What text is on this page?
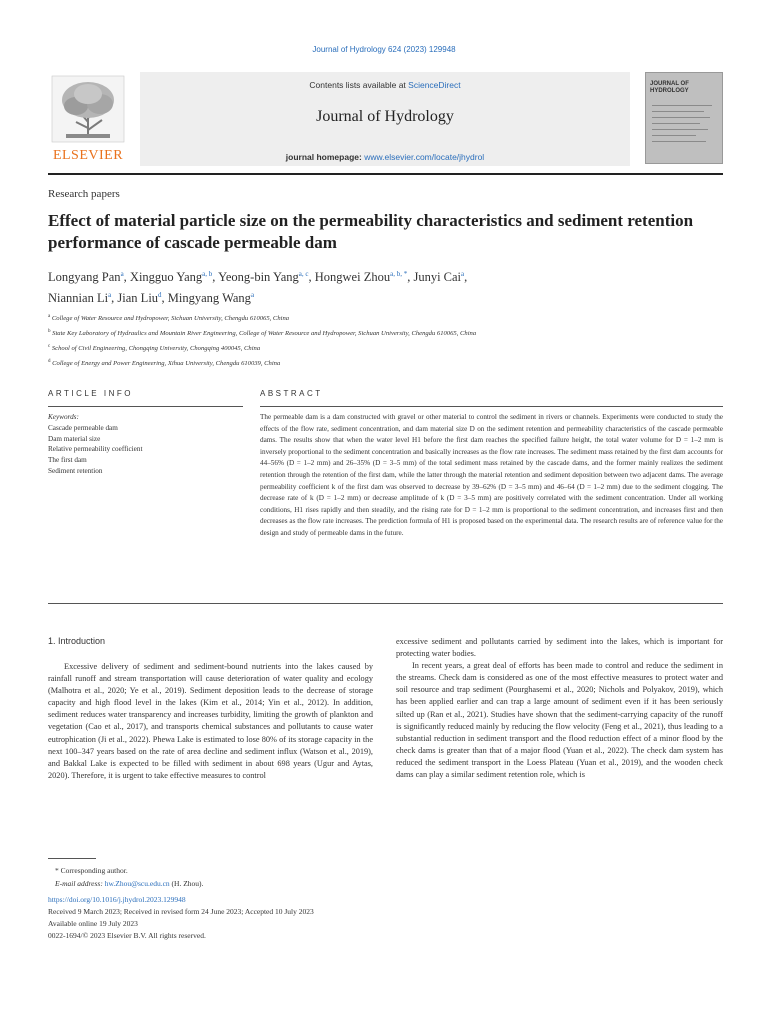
Journal of Hydrology 624 (2023) 129948
ELSEVIER
Contents lists available at ScienceDirect
Journal of Hydrology
journal homepage: www.elsevier.com/locate/jhydrol
JOURNAL OF HYDROLOGY
Research papers
Effect of material particle size on the permeability characteristics and sediment retention performance of cascade permeable dam
Longyang Pan$^a$, Xingguo Yang$^{a, b}$, Yeong-bin Yang$^{a, c}$, Hongwei Zhou$^{a, b, *}$, Junyi Cai$^a$,
Niannian Li$^a$, Jian Liu$^d$, Mingyang Wang$^a$
$^a$ College of Water Resource and Hydropower, Sichuan University, Chengdu 610065, China
$^b$ State Key Laboratory of Hydraulics and Mountain River Engineering, College of Water Resource and Hydropower, Sichuan University, Chengdu 610065, China
$^c$ School of Civil Engineering, Chongqing University, Chongqing 400045, China
$^d$ College of Energy and Power Engineering, Xihua University, Chengdu 610039, China
ARTICLE INFO	ABSTRACT
Keywords:
Cascade permeable dam
Dam material size
Relative permeability coefficient
The first dam
Sediment retention
The permeable dam is a dam constructed with gravel or other material to control the sediment in rivers or channels. Experiments were conducted to study the effects of the flow rate, sediment concentration, and dam material size D on the sediment retention and permeability characteristics of the cascade permeable dams. The results show that when the water level H1 before the first dam reaches the specified failure height, the total water volume for D = 1–2 mm is inversely proportional to the sediment concentration and basically increases as the flow rate increases. The sediment mass retained by the first dam accounts for 44–56% (D = 1–2 mm) and 26–35% (D = 3–5 mm) of the total sediment mass retained by the cascade dams, and the former mainly realizes the sediment retention through the retention of the first dam, while the latter through the material retention and sediment deposition between two adjacent dams. The average permeability coefficient k of the first dam was observed to decrease by 39–62% (D = 3–5 mm) and 46–64 (D = 1–2 mm) due to the sediment clogging. The decrease rate of k (D = 1–2 mm) or decrease amplitude of k (D = 3–5 mm) are positively correlated with the sediment concentration. Under all working conditions, H1 rises rapidly and then steadily, and the rising rate for D = 1–2 mm is proportional to the sediment concentration, and increases first and then decreases as the flow rate increases. The prediction formula of H1 is proposed based on the experimental data. The research results are of reference value for the design and study of permeable dams in the future.
1. Introduction

Excessive delivery of sediment and sediment-bound nutrients into the lakes caused by rainfall runoff and stream transportation will cause deterioration of water quality and ecology (Malhotra et al., 2020; Ye et al., 2019). Sediment deposition leads to the decrease of storage capacity and high flood level in the lakes (Kim et al., 2014; Yin et al., 2012). In addition, sediment reduces water transparency and increases turbidity, limiting the growth of plankton and vegetation (Cao et al., 2017), and transports chemical substances and pollutants to cause water eutrophication (Ji et al., 2022). Phewa Lake is estimated to lose 80% of its storage capacity in the next 100–347 years based on the rate of area decline and sediment influx (Watson et al., 2019), and Bakkal Lake is expected to be filled with sediment in about 698 years (Ugur and Aytas, 2020). Therefore, it is urgent to take effective measures to control

excessive sediment and pollutants carried by sediment into the lakes, which is important for protecting water bodies.

In recent years, a great deal of efforts has been made to control and reduce the sediment in the streams. Check dam is considered as one of the most effective measures to protect water and soil resource and trap sediment (Pourghasemi et al., 2020; Nichols and Polyakov, 2019), which has been applied earlier and can trap a large amount of sediment even if it has been seriously silted up (Ran et al., 2021). Studies have shown that the sediment-carrying capacity of the runoff is significantly reduced mainly by reducing the flow velocity (Feng et al., 2021), thus leading to a substantial reduction in sediment transport and the flood reduction effect of a minor flood by the check dams is greater than that of a major flood (Yuan et al., 2022). The check dam system has reduced the sediment transport in the Loess Plateau (Yuan et al., 2019), and the wooden check dams can play a similar sediment retention role, which is

* Corresponding author.
E-mail address: hw.Zhou@scu.edu.cn (H. Zhou).
https://doi.org/10.1016/j.jhydrol.2023.129948
Received 9 March 2023; Received in revised form 24 June 2023; Accepted 10 July 2023
Available online 19 July 2023
0022-1694/© 2023 Elsevier B.V. All rights reserved.
